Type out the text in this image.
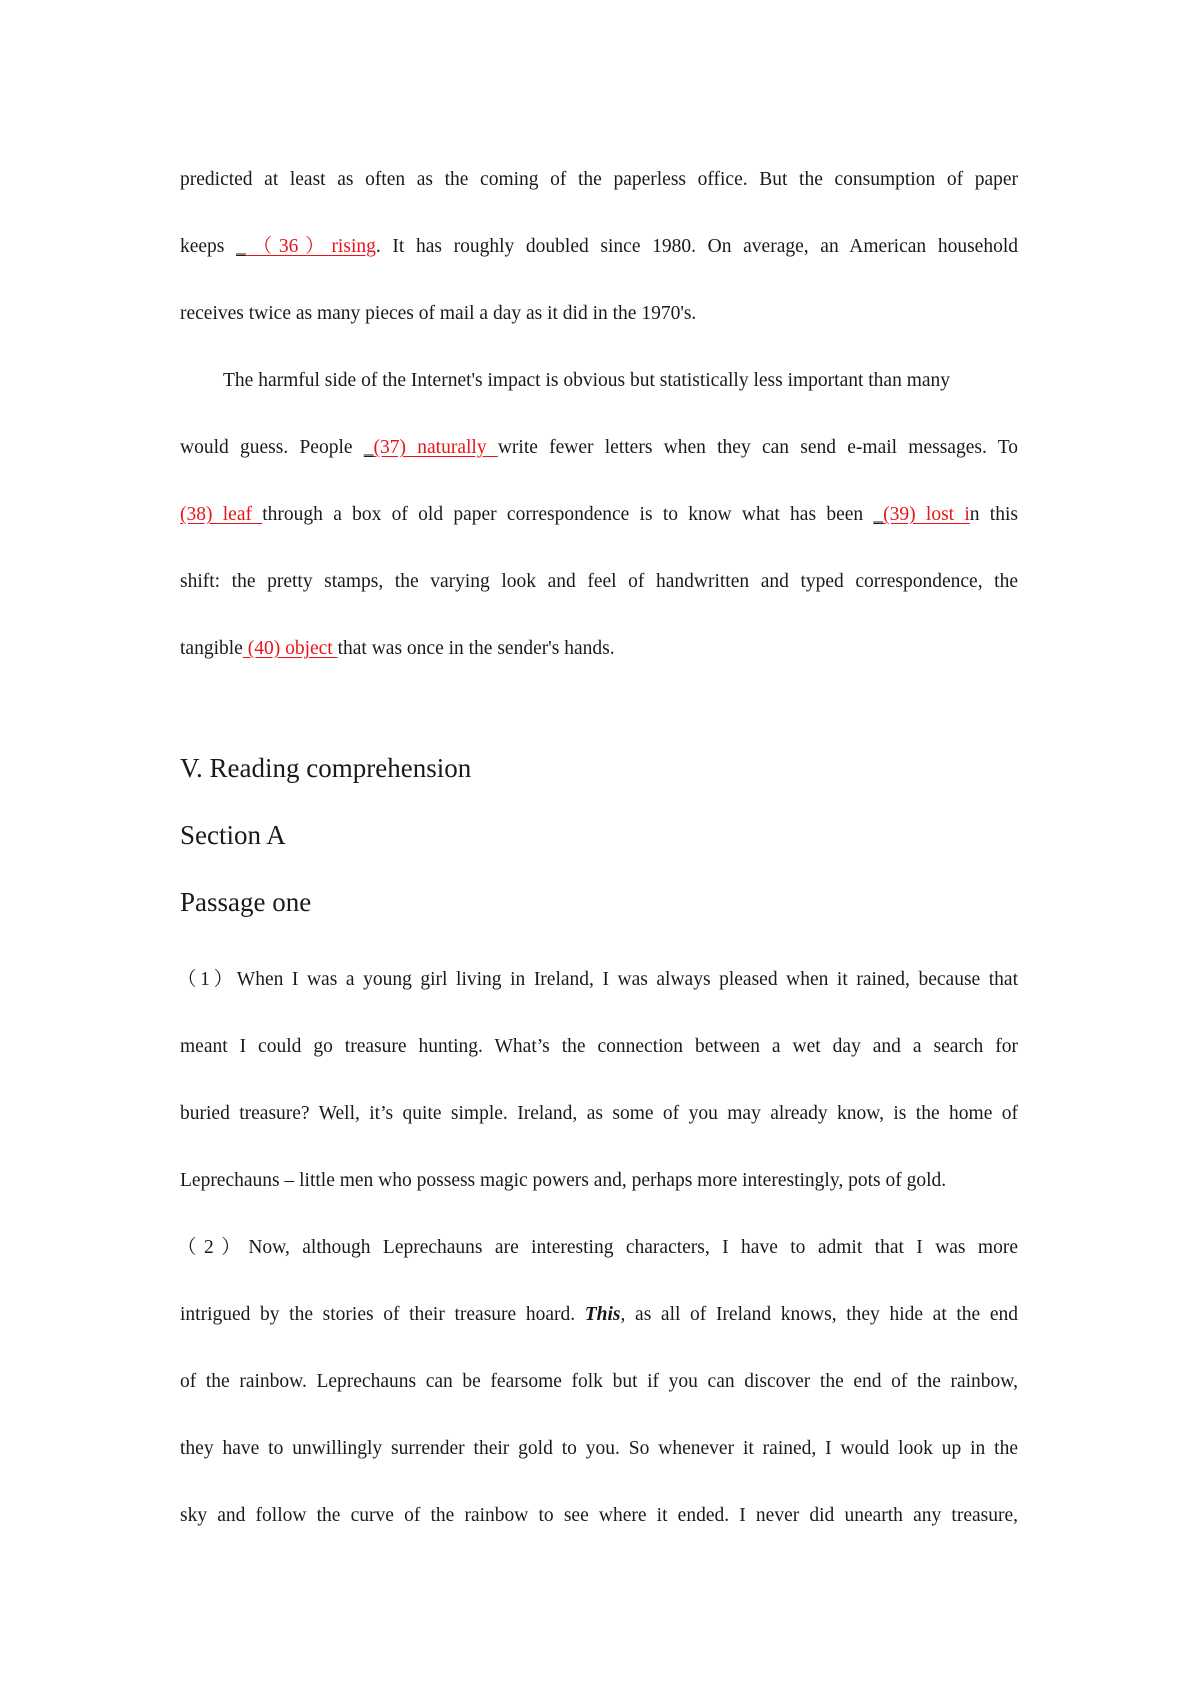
predicted at least as often as the coming of the paperless office. But the consumption of paper
keeps _（36）rising. It has roughly doubled since 1980. On average, an American household
receives twice as many pieces of mail a day as it did in the 1970's.
The harmful side of the Internet's impact is obvious but statistically less important than many
would guess. People _(37) naturally write fewer letters when they can send e-mail messages. To
(38) leaf through a box of old paper correspondence is to know what has been _(39) lost in this
shift: the pretty stamps, the varying look and feel of handwritten and typed correspondence, the
tangible (40) object that was once in the sender's hands.
V. Reading comprehension
Section A
Passage one
（1）When I was a young girl living in Ireland, I was always pleased when it rained, because that
meant I could go treasure hunting. What’s the connection between a wet day and a search for
buried treasure? Well, it’s quite simple. Ireland, as some of you may already know, is the home of
Leprechauns – little men who possess magic powers and, perhaps more interestingly, pots of gold.
（2）Now, although Leprechauns are interesting characters, I have to admit that I was more
intrigued by the stories of their treasure hoard. This, as all of Ireland knows, they hide at the end
of the rainbow. Leprechauns can be fearsome folk but if you can discover the end of the rainbow,
they have to unwillingly surrender their gold to you. So whenever it rained, I would look up in the
sky and follow the curve of the rainbow to see where it ended. I never did unearth any treasure,
